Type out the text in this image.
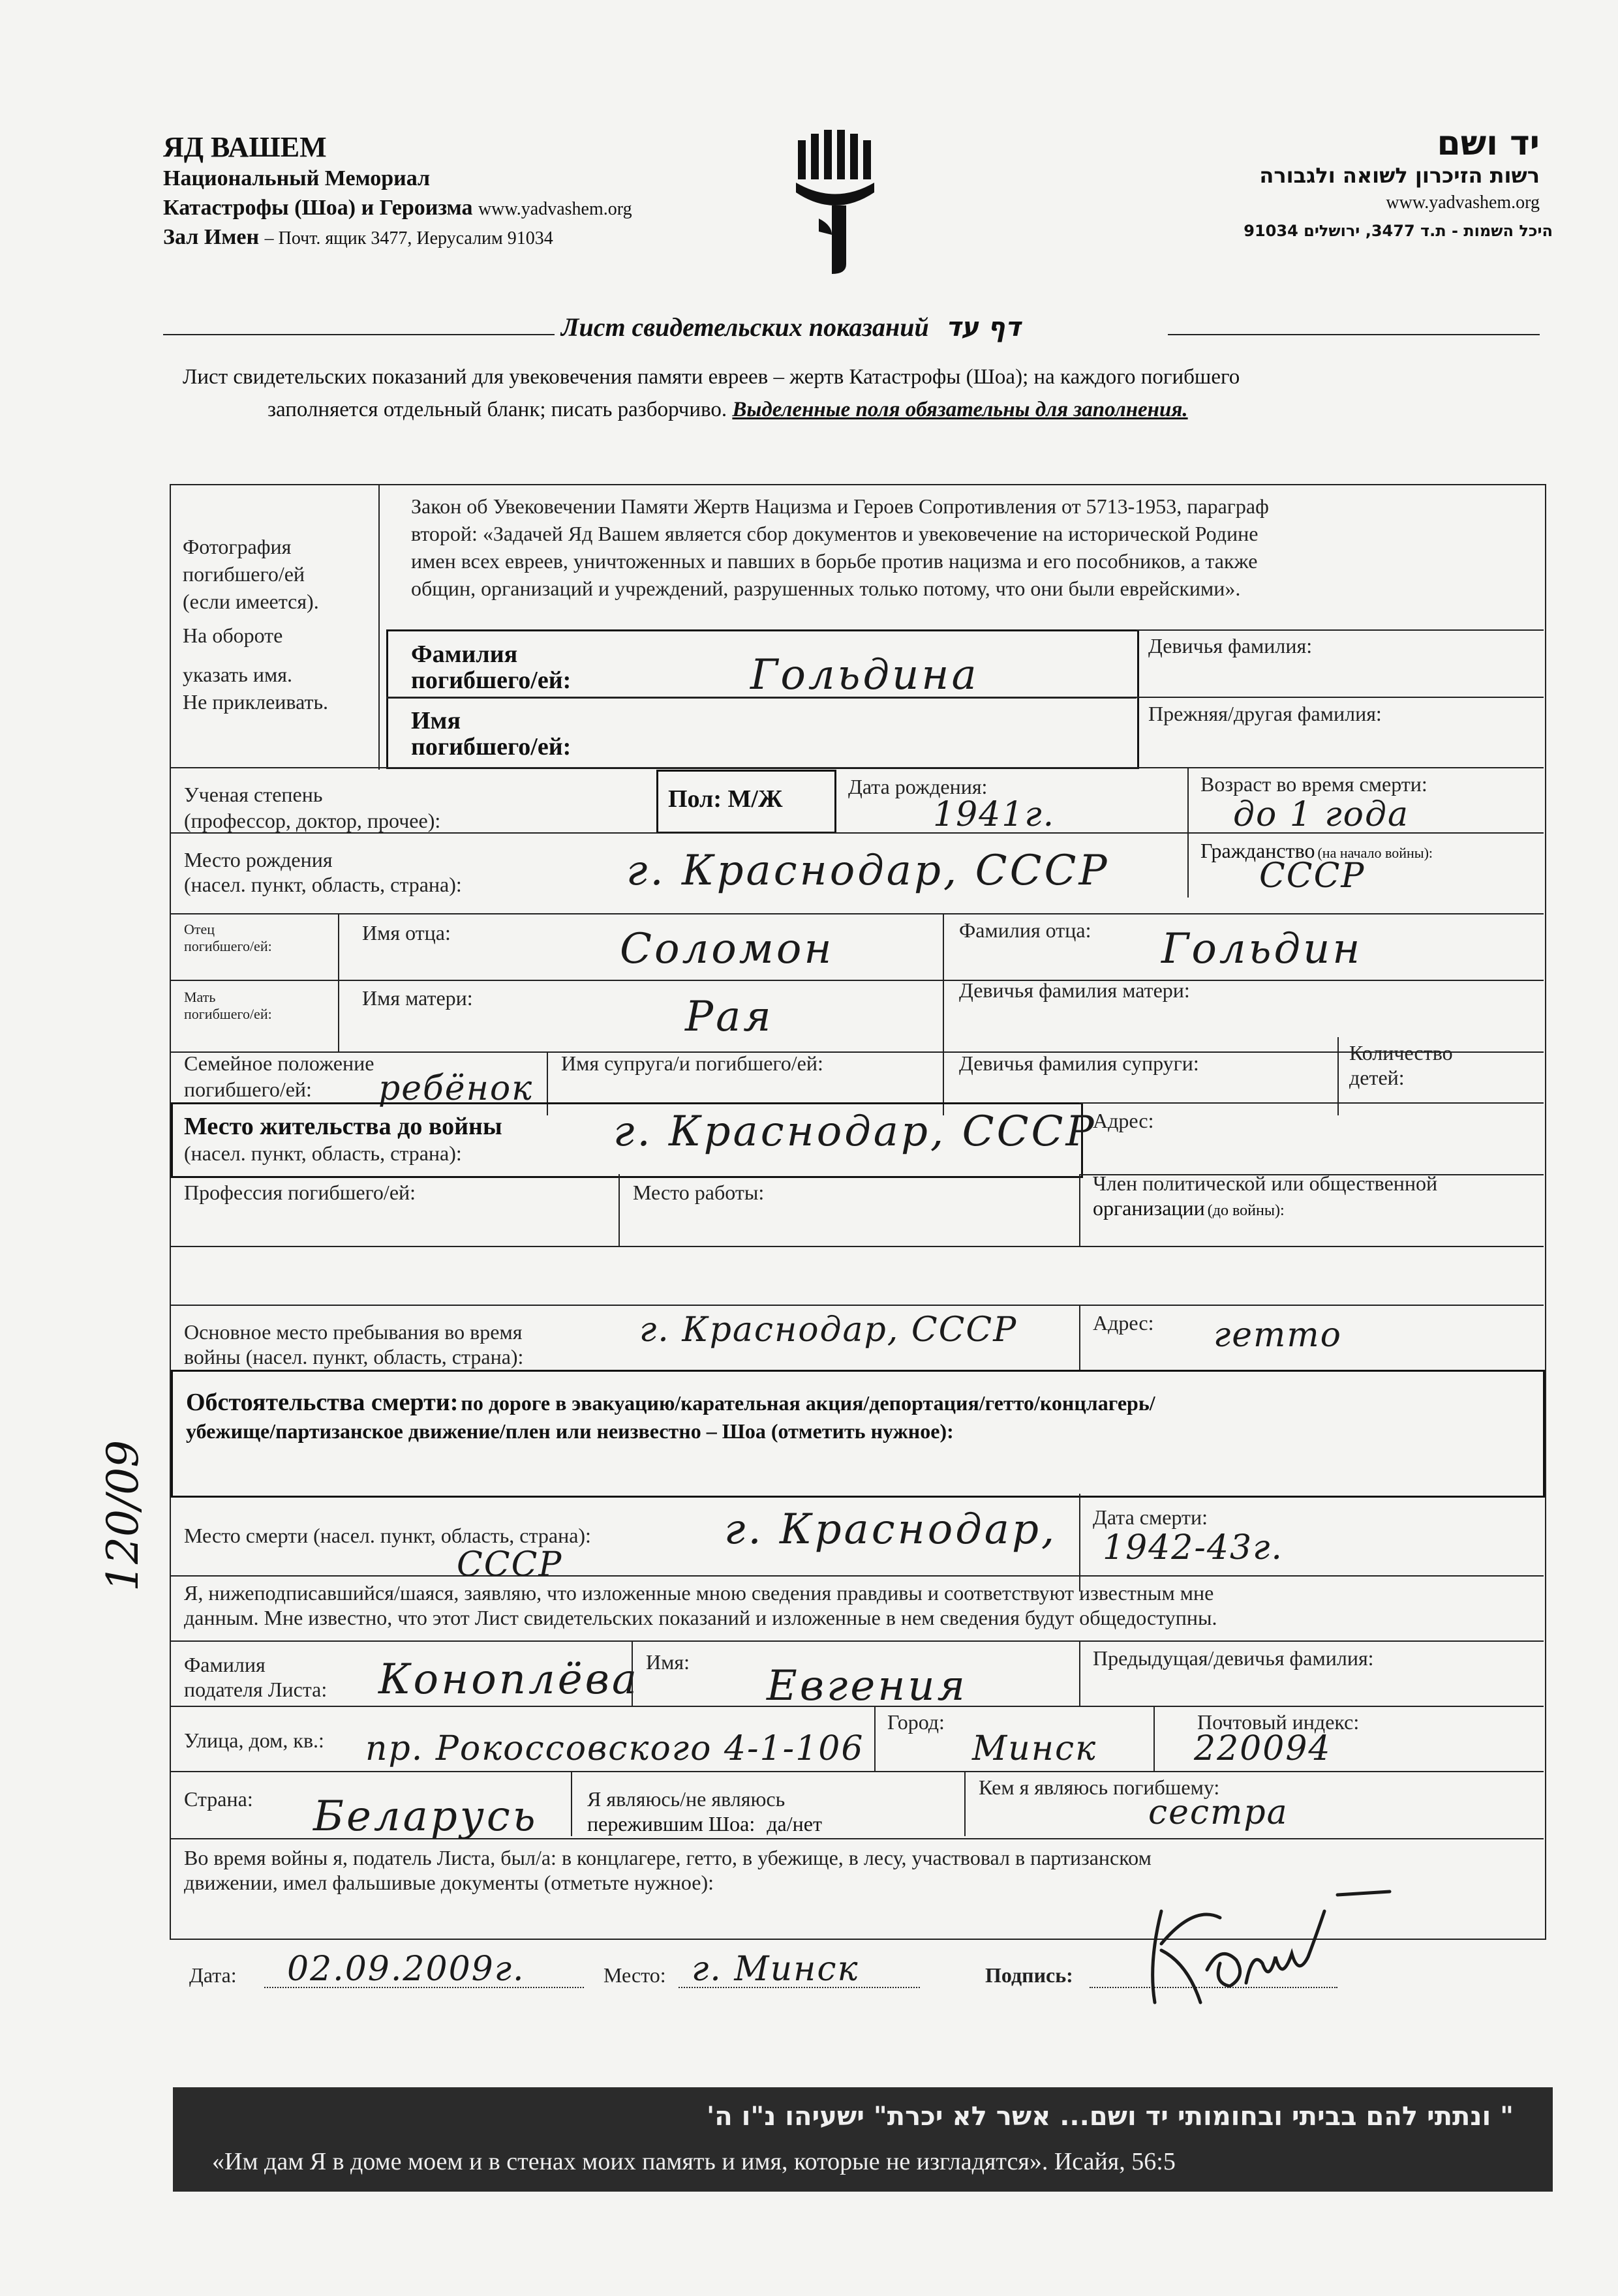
ЯД ВАШЕМ
Национальный Мемориал
Катастрофы (Шоа) и Героизма www.yadvashem.org
Зал Имен – Почт. ящик 3477, Иерусалим 91034
יד ושם
רשות הזיכרון לשואה ולגבורה
www.yadvashem.org
היכל השמות - ת.ד 3477, ירושלים 91034
Лист свидетельских показаний דף עד
Лист свидетельских показаний для увековечения памяти евреев – жертв Катастрофы (Шоа); на каждого погибшего
заполняется отдельный бланк; писать разборчиво. Выделенные поля обязательны для заполнения.
Фотография
погибшего/ей
(если имеется).
На обороте
указать имя.
Не приклеивать.
Закон об Увековечении Памяти Жертв Нацизма и Героев Сопротивления от 5713-1953, параграф
второй: «Задачей Яд Вашем является сбор документов и увековечение на исторической Родине
имен всех евреев, уничтоженных и павших в борьбе против нацизма и его пособников, а также
общин, организаций и учреждений, разрушенных только потому, что они были еврейскими».
Фамилия
погибшего/ей:	Гольдина
Девичья фамилия:
Имя
погибшего/ей:
Прежняя/другая фамилия:
Ученая степень
(профессор, доктор, прочее):
Пол: М/Ж	Дата рождения:
1941г.
Возраст во время смерти:
до 1 года
Место рождения
(насел. пункт, область, страна):	г. Краснодар, СССР	Гражданство (на начало войны):
СССР
Отец
погибшего/ей:
Имя отца:	Соломон	Фамилия отца: Гольдин
Мать
погибшего/ей:
Имя матери:	Рая
Девичья фамилия матери:
Семейное положение
погибшего/ей: ребёнок
Имя супруга/и погибшего/ей:	Девичья фамилия супруги:	Количество
детей:
Место жительства до войны
(насел. пункт, область, страна):	г. Краснодар, СССР
Адрес:
Профессия погибшего/ей:	Место работы:	Член политической или общественной
организации (до войны):
Основное место пребывания во время
войны (насел. пункт, область, страна):
г. Краснодар, СССР	Адрес: гетто
Обстоятельства смерти: по дороге в эвакуацию/карательная акция/депортация/гетто/концлагерь/
убежище/партизанское движение/плен или неизвестно – Шоа (отметить нужное):
Место смерти (насел. пункт, область, страна):	г. Краснодар,
СССР
Дата смерти:
1942-43г.
Я, нижеподписавшийся/шаяся, заявляю, что изложенные мною сведения правдивы и соответствуют известным мне
данным. Мне известно, что этот Лист свидетельских показаний и изложенные в нем сведения будут общедоступны.
Фамилия
подателя Листа: Коноплёва Имя: Евгения
Предыдущая/девичья фамилия:
Улица, дом, кв.: пр. Рокоссовского 4-1-106
Город:
Минск
Почтовый индекс:
220094
Страна: Беларусь Я являюсь/не являюсь
пережившим Шоа: да/нет
Кем я являюсь погибшему:
сестра
Во время войны я, податель Листа, был/а: в концлагере, гетто, в убежище, в лесу, участвовал в партизанском
движении, имел фальшивые документы (отметьте нужное):
Дата: 02.09.2009г.	Место: г. Минск	Подпись:
120/09
" ונתתי להם בביתי ובחומותי יד ושם... אשר לא יכרת" ישעיהו נ"ו ה'
«Им дам Я в доме моем и в стенах моих память и имя, которые не изгладятся». Исайя, 56:5
